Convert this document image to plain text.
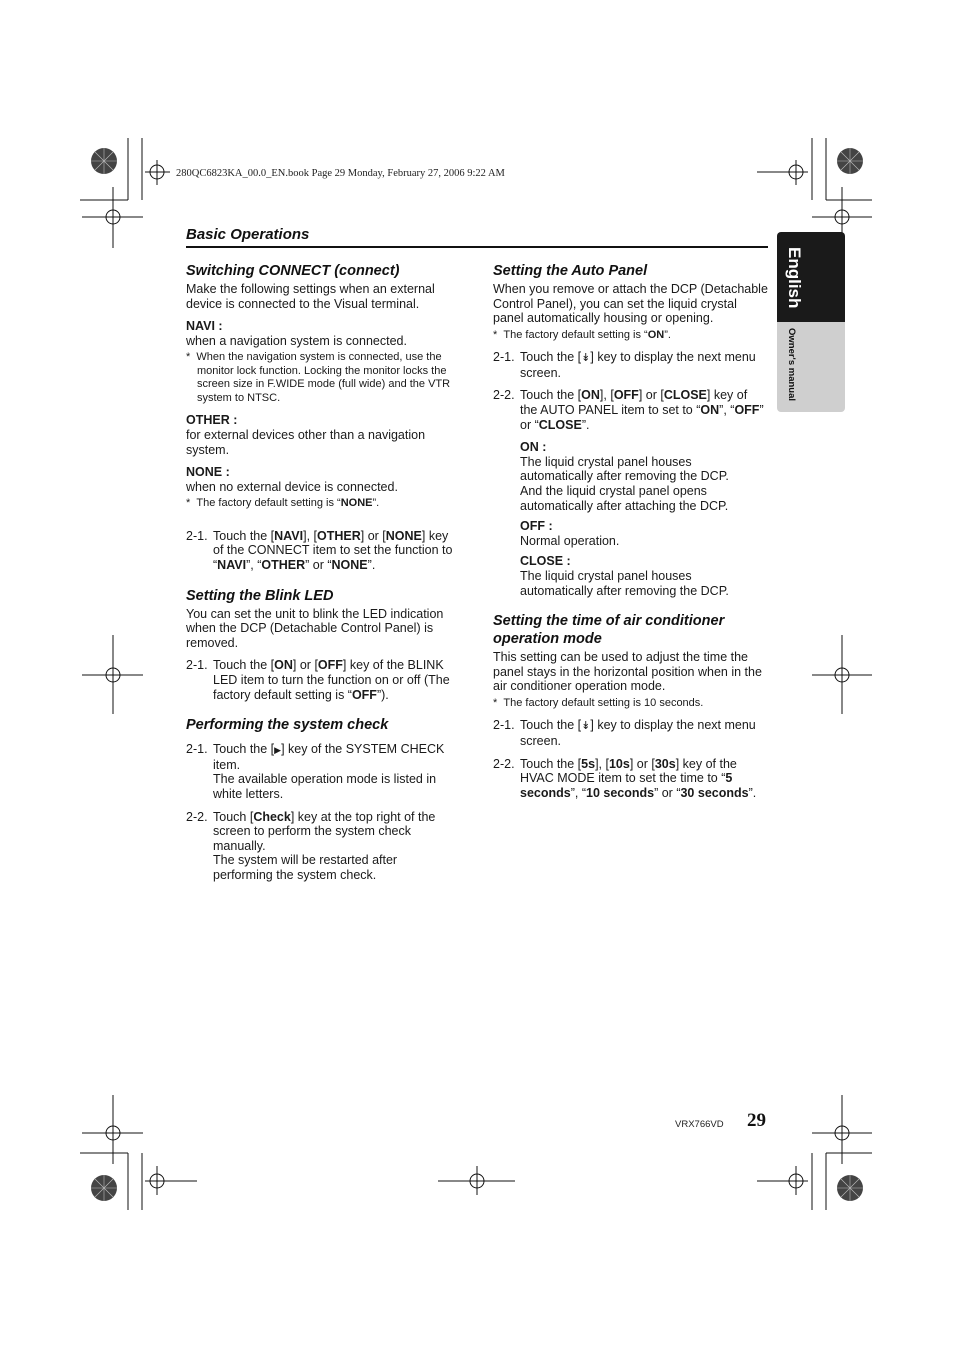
280QC6823KA_00.0_EN.book Page 29 Monday, February 27, 2006 9:22 AM
Basic Operations
English
Owner's manual
Switching CONNECT (connect)

Make the following settings when an external device is connected to the Visual terminal.

NAVI :

when a navigation system is connected.

* When the navigation system is connected, use the monitor lock function. Locking the monitor locks the screen size in F.WIDE mode (full wide) and the VTR system to NTSC.

OTHER :

for external devices other than a navigation system.

NONE :

when no external device is connected.

* The factory default setting is “NONE”.

2-1. Touch the [NAVI], [OTHER] or [NONE] key of the CONNECT item to set the function to “NAVI”, “OTHER” or “NONE”.
Setting the Blink LED

You can set the unit to blink the LED indication when the DCP (Detachable Control Panel) is removed.

2-1. Touch the [ON] or [OFF] key of the BLINK LED item to turn the function on or off (The factory default setting is “OFF”).
Performing the system check
2-1. Touch the [▶] key of the SYSTEM CHECK item.
The available operation mode is listed in white letters.
2-2. Touch [Check] key at the top right of the screen to perform the system check manually.
The system will be restarted after performing the system check.
Setting the Auto Panel

When you remove or attach the DCP (Detachable Control Panel), you can set the liquid crystal panel automatically housing or opening.

* The factory default setting is “ON”.

2-1. Touch the [↡] key to display the next menu screen.
2-2. Touch the [ON], [OFF] or [CLOSE] key of the AUTO PANEL item to set to “ON”, “OFF” or “CLOSE”.

ON :

The liquid crystal panel houses automatically after removing the DCP.

And the liquid crystal panel opens automatically after attaching the DCP.

OFF :

Normal operation.

CLOSE :

The liquid crystal panel houses automatically after removing the DCP.

Setting the time of air conditioner operation mode

This setting can be used to adjust the time the panel stays in the horizontal position when in the air conditioner operation mode.

* The factory default setting is 10 seconds.

2-1. Touch the [↡] key to display the next menu screen.
2-2. Touch the [5s], [10s] or [30s] key of the HVAC MODE item to set the time to “5 seconds”, “10 seconds” or “30 seconds”.
VRX766VD 29
